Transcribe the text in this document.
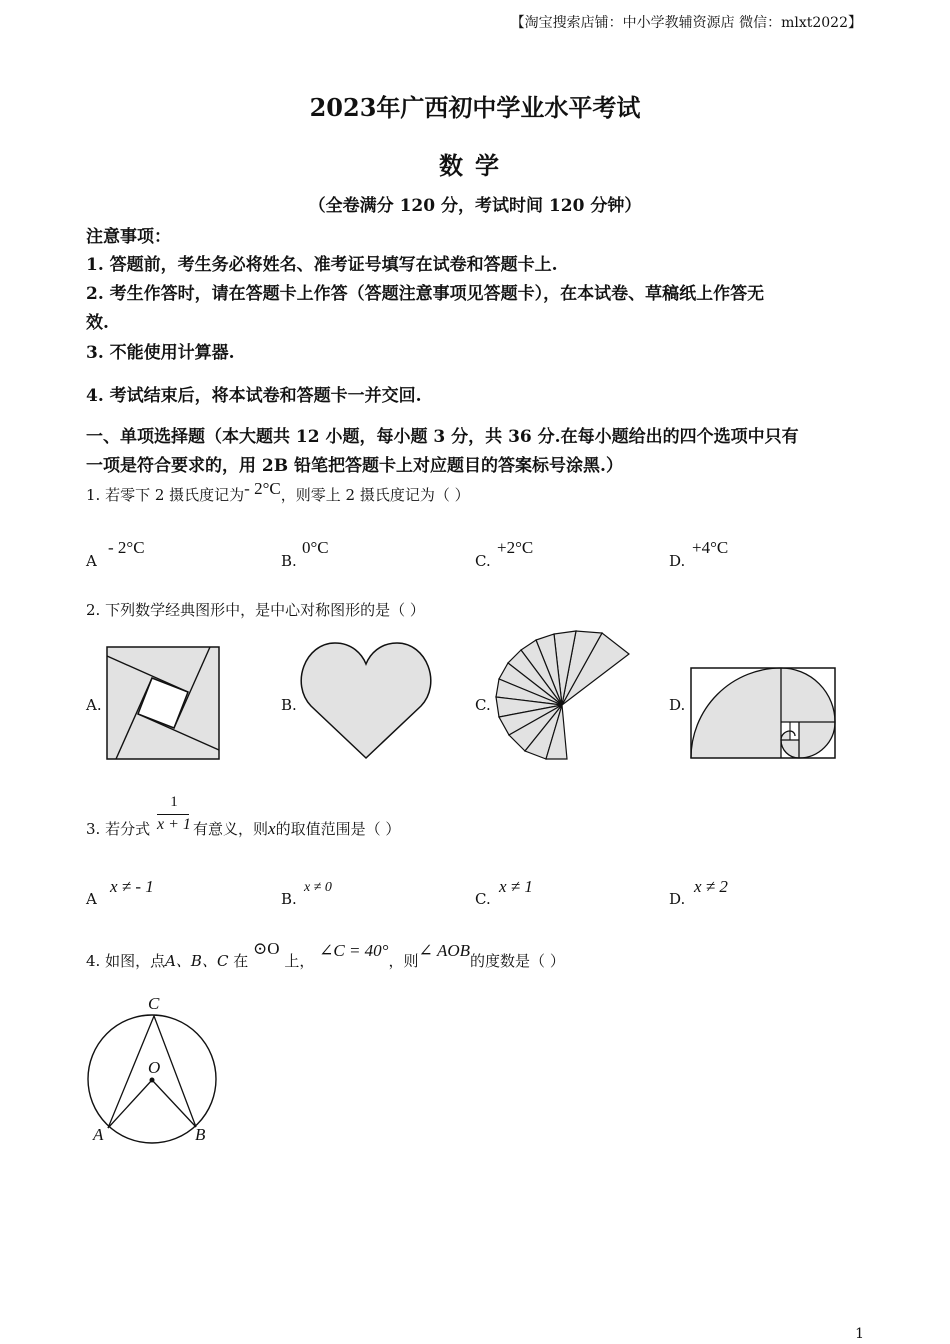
【淘宝搜索店铺：中小学教辅资源店 微信：mlxt2022】
2023年广西初中学业水平考试
数学
（全卷满分 120 分，考试时间 120 分钟）
注意事项：
1. 答题前，考生务必将姓名、准考证号填写在试卷和答题卡上.
2. 考生作答时，请在答题卡上作答（答题注意事项见答题卡），在本试卷、草稿纸上作答无
效.
3. 不能使用计算器.
4. 考试结束后，将本试卷和答题卡一并交回.
一、单项选择题（本大题共 12 小题，每小题 3 分，共 36 分.在每小题给出的四个选项中只有
一项是符合要求的，用 2B 铅笔把答题卡上对应题目的答案标号涂黑.）
1. 若零下 2 摄氏度记为- 2°C，则零上 2 摄氏度记为（ ）
A
- 2°C
B.
0°C
C.
+2°C
D.
+4°C
2. 下列数学经典图形中，是中心对称图形的是（ ）
A.	B.	C.	D.
3. 若分式
1
x + 1 有意义，则x的取值范围是（ ）
A
x ≠ - 1
B.
x ≠ 0
C.
x ≠ 1
D.
x ≠ 2
4. 如图，点A、B、C 在 ⊙O 上， ∠C = 40°，则∠ AOB的度数是（ ）
C
O
A	B
1
